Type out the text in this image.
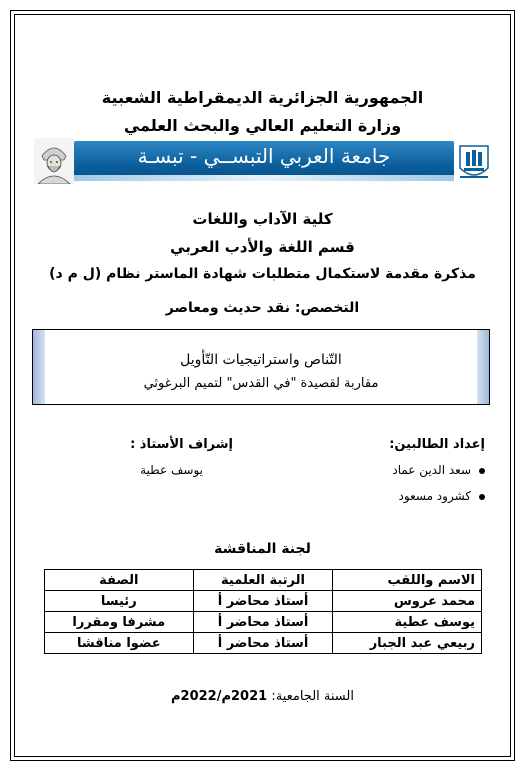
الجمهورية الجزائرية الديمقراطية الشعبية
وزارة التعليم العالي والبحث العلمي
جامعة العربي التبســي - تبسـة
كلية الآداب واللغات
قسم اللغة والأدب العربي
مذكرة مقدمة لاستكمال متطلبات شهادة الماستر نظام (ل م د)
التخصص: نقد حديث ومعاصر
التّناص واستراتيجيات التّأويل
مقاربة لقصيدة "في القدس" لتميم البرغوثي
إعداد الطالبين:
سعد الدين عماد
كشرود مسعود
إشراف الأستاذ :
يوسف عطية
لجنة المناقشة
الاسم واللقب	الرتبة العلمية	الصفة
محمد عروس	أستاذ محاضر أ	رئيسا
يوسف عطية	أستاذ محاضر أ	مشرفا ومقررا
ربيعي عبد الجبار	أستاذ محاضر أ	عضوا مناقشا
السنة الجامعية: 2021م/2022م
